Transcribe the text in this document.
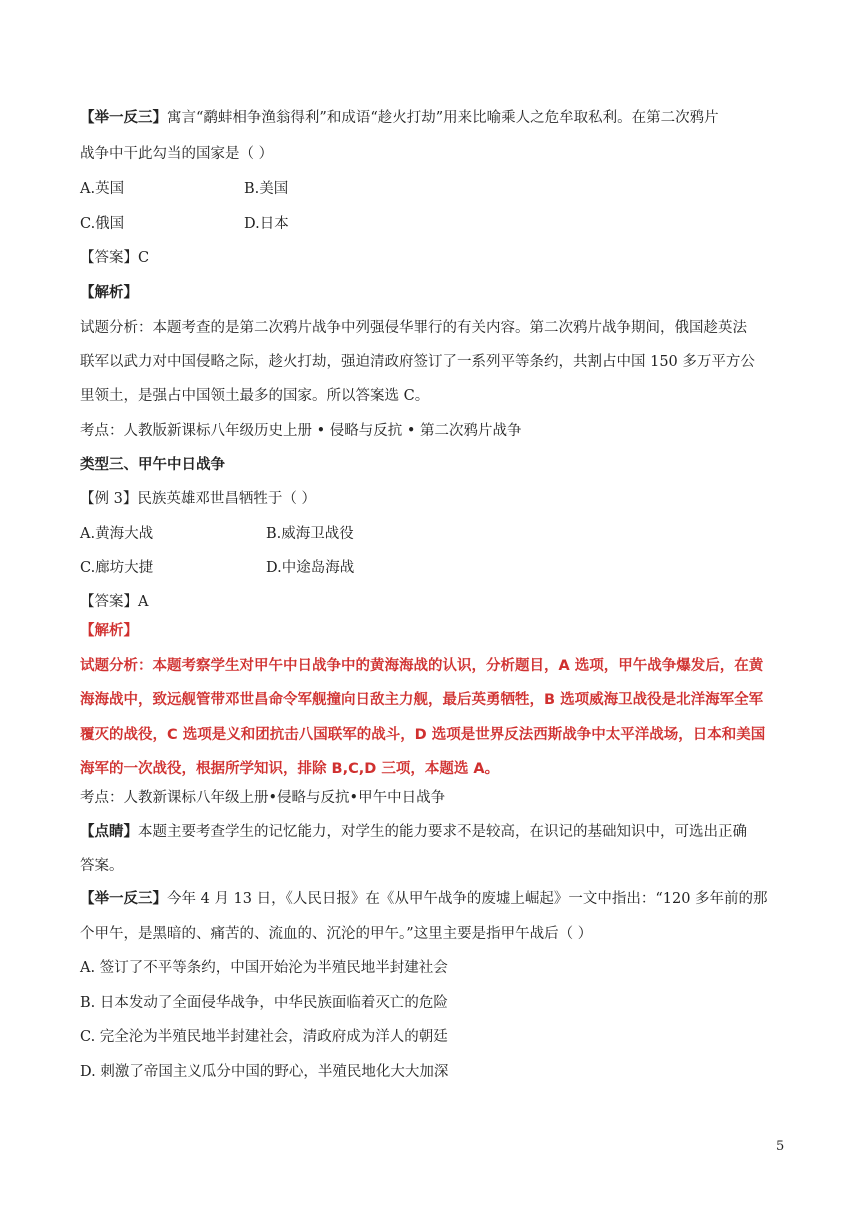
【举一反三】寓言“鹬蚌相争渔翁得利”和成语“趁火打劫”用来比喻乘人之危牟取私利。在第二次鸦片
战争中干此勾当的国家是（ ）
A.英国	B.美国
C.俄国	D.日本
【答案】C
【解析】
试题分析：本题考查的是第二次鸦片战争中列强侵华罪行的有关内容。第二次鸦片战争期间，俄国趁英法
联军以武力对中国侵略之际，趁火打劫，强迫清政府签订了一系列平等条约，共割占中国 150 多万平方公
里领土，是强占中国领土最多的国家。所以答案选 C。
考点：人教版新课标八年级历史上册 • 侵略与反抗 • 第二次鸦片战争
类型三、甲午中日战争
【例 3】民族英雄邓世昌牺牲于（ ）
A.黄海大战	B.威海卫战役
C.廊坊大捷	D.中途岛海战
【答案】A
【解析】
试题分析：本题考察学生对甲午中日战争中的黄海海战的认识，分析题目，A 选项，甲午战争爆发后，在黄
海海战中，致远舰管带邓世昌命令军舰撞向日敌主力舰，最后英勇牺牲，B 选项威海卫战役是北洋海军全军
覆灭的战役，C 选项是义和团抗击八国联军的战斗，D 选项是世界反法西斯战争中太平洋战场，日本和美国
海军的一次战役，根据所学知识，排除 B,C,D 三项，本题选 A。
考点：人教新课标八年级上册•侵略与反抗•甲午中日战争
【点睛】本题主要考查学生的记忆能力，对学生的能力要求不是较高，在识记的基础知识中，可选出正确
答案。
【举一反三】今年 4 月 13 日，《人民日报》在《从甲午战争的废墟上崛起》一文中指出：“120 多年前的那
个甲午，是黑暗的、痛苦的、流血的、沉沦的甲午。”这里主要是指甲午战后（ ）
A. 签订了不平等条约，中国开始沦为半殖民地半封建社会
B. 日本发动了全面侵华战争，中华民族面临着灭亡的危险
C. 完全沦为半殖民地半封建社会，清政府成为洋人的朝廷
D. 刺激了帝国主义瓜分中国的野心，半殖民地化大大加深
5
